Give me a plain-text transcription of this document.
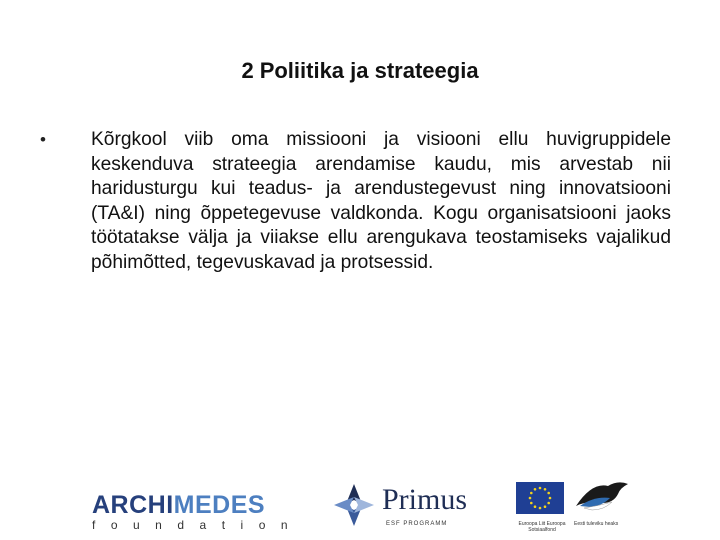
2 Poliitika ja strateegia
• Kõrgkool viib oma missiooni ja visiooni ellu huvigruppidele keskenduva strateegia arendamise kaudu, mis arvestab nii haridusturgu kui teadus- ja arendustegevust ning innovatsiooni (TA&I) ning õppetegevuse valdkonda. Kogu organisatsiooni jaoks töötatakse välja ja viiakse ellu arengukava teostamiseks vajalikud põhimõtted, tegevuskavad ja protsessid.
ARCHIMEDES
foundation
Primus
ESF PROGRAMM	Euroopa Liit Euroopa Sotsiaalfond
Eesti tuleviku heaks
